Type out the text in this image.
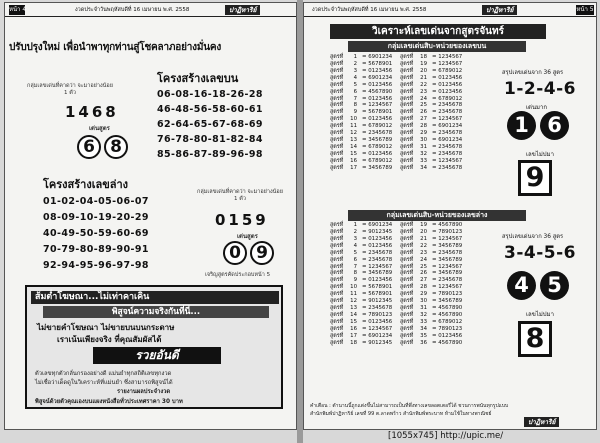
หน้า 4	งวดประจำวันพฤหัสบดีที่ 16 เมษายน พ.ศ. 2558	ปาฏิหาริย์
ปรับปรุงใหม่ เพื่อนำพาทุกท่านสู่โชคลาภอย่างมั่นคง
โครงสร้างเลขบน
06-08-16-18-26-28
46-48-56-58-60-61
62-64-65-67-68-69
76-78-80-81-82-84
85-86-87-89-96-98
กลุ่มเลขเด่นที่คาดว่า จะมาอย่างน้อย 1 ตัว
1468
เด่นสูตร
6 8
โครงสร้างเลขล่าง
01-02-04-05-06-07
08-09-10-19-20-29
40-49-50-59-60-69
70-79-80-89-90-91
92-94-95-96-97-98
กลุ่มเลขเด่นที่คาดว่า จะมาอย่างน้อย 1 ตัว
0159
เด่นสูตร
0 9
เจริญสูตรคัดประกอบหน้า 5
ส้มต่ำโฆษณา...ไม่เท่าคาเคิน
พิสูจน์ความจริงกันที่นี่...
ไม่ขายคำโฆษณา ไม่ขายบนบนกระดาษ
เราเน้นเพียงจริง ที่คุณสัมผัสได้
รวยอันดี
ตัวเลขทุกตัวกลั่นกรองอย่างดี แม่นยำทุกสถิติเลขทุกงวด
ไม่เชื่อว่าเด็ดดูในวิเคราะห์ที่แม่นยำ ซึ่งสามารถพิสูจน์ได้
รายงานผลประจำงวด
พิสูจน์ด้วยตัวคุณเองบนแผงหนังสือทั่วประเทศราคา 30 บาท
งวดประจำวันพฤหัสบดีที่ 16 เมษายน พ.ศ. 2558	ปาฏิหาริย์	หน้า 5
วิเคราะห์เลขเด่นจากสูตรจันทร์
กลุ่มเลขเด่นสิบ-หน่วยของเลขบน
สูตรที่	1 = 6901234
สูตรที่	2 = 5678901
สูตรที่	3 = 0123456
สูตรที่	4 = 6901234
สูตรที่	5 = 0123456
สูตรที่	6 = 4567890
สูตรที่	7 = 0123456
สูตรที่	8 = 1234567
สูตรที่	9 = 5678901
สูตรที่	10 = 0123456
สูตรที่	11 = 6789012
สูตรที่	12 = 2345678
สูตรที่	13 = 3456789
สูตรที่	14 = 6789012
สูตรที่	15 = 0123456
สูตรที่	16 = 6789012
สูตรที่	17 = 3456789
สูตรที่	18 = 1234567
สูตรที่	19 = 1234567
สูตรที่	20 = 6789012
สูตรที่	21 = 0123456
สูตรที่	22 = 0123456
สูตรที่	23 = 0123456
สูตรที่	24 = 6789012
สูตรที่	25 = 2345678
สูตรที่	26 = 2345678
สูตรที่	27 = 1234567
สูตรที่	28 = 6901234
สูตรที่	29 = 2345678
สูตรที่	30 = 6901234
สูตรที่	31 = 2345678
สูตรที่	32 = 2345678
สูตรที่	33 = 1234567
สูตรที่	34 = 2345678
สรุปเลขเด่นจาก 36 สูตร
1-2-4-6
เด่นมาก
1 6
เลขไม่ปมา
9
กลุ่มเลขเด่นสิบ-หน่วยของเลขล่าง
สูตรที่	1 = 6901234
สูตรที่	2 = 9012345
สูตรที่	3 = 0123456
สูตรที่	4 = 0123456
สูตรที่	5 = 2345678
สูตรที่	6 = 2345678
สูตรที่	7 = 1234567
สูตรที่	8 = 3456789
สูตรที่	9 = 0123456
สูตรที่	10 = 5678901
สูตรที่	11 = 5678901
สูตรที่	12 = 9012345
สูตรที่	13 = 2345678
สูตรที่	14 = 7890123
สูตรที่	15 = 0123456
สูตรที่	16 = 1234567
สูตรที่	17 = 6901234
สูตรที่	18 = 9012345
สูตรที่	19 = 4567890
สูตรที่	20 = 7890123
สูตรที่	21 = 1234567
สูตรที่	22 = 3456789
สูตรที่	23 = 2345678
สูตรที่	24 = 3456789
สูตรที่	25 = 1234567
สูตรที่	26 = 3456789
สูตรที่	27 = 2345678
สูตรที่	28 = 1234567
สูตรที่	29 = 7890123
สูตรที่	30 = 3456789
สูตรที่	31 = 4567890
สูตรที่	32 = 4567890
สูตรที่	33 = 6789012
สูตรที่	34 = 7890123
สูตรที่	35 = 0123456
สูตรที่	36 = 4567890
สรุปเลขเด่นจาก 36 สูตร
3-4-5-6
4 5
เลขไม่ปมา
8
คำเตือน : ตำนานนี้ถูกแต่งขึ้นไม่สามารถเป็นที่พึ่งทางเลขลอตเตอรี่ได้ ชวนการพนันทุกรูปแบบ
สำนักพิมพ์ปาฏิหาริย์ เลขที่ 99 ต.ลาดพร้าว สำนักพิมพ์พระบาท ห้ามใช้ในทางพาณิชย์
ปาฏิหาริย์
[1055x745] http://upic.me/
